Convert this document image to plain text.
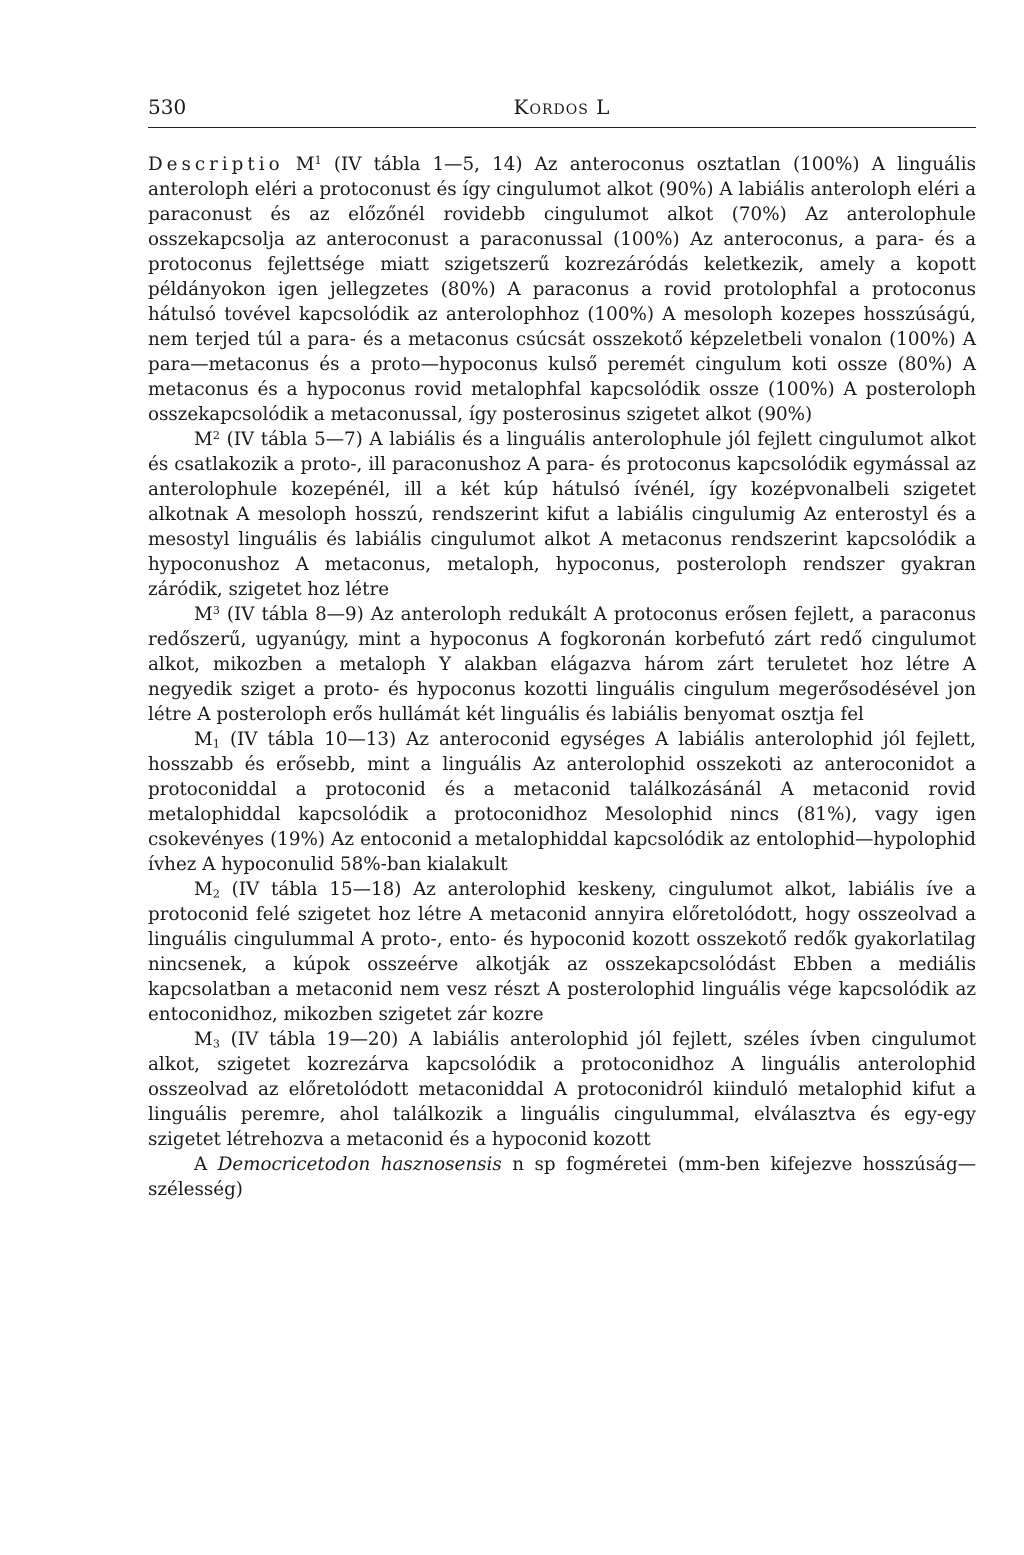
530	Kordos L

Descriptio $M^1$ (IV tábla 1—5, 14) Az anteroconus osztatlan (100%) A linguális anteroloph eléri a protoconust és így cingulumot alkot (90%) A labiális anteroloph eléri a paraconust és az előzőnél rovidebb cingulumot alkot (70%) Az anterolophule osszekapcsolja az anteroconust a paraconussal (100%) Az anteroconus, a para- és a protoconus fejlettsége miatt szigetszerű kozrezáródás keletkezik, amely a kopott példányokon igen jellegzetes (80%) A paraconus a rovid protolophfal a protoconus hátulsó tovével kapcsolódik az anterolophhoz (100%) A mesoloph kozepes hosszúságú, nem terjed túl a para- és a metaconus csúcsát osszekotő képzeletbeli vonalon (100%) A para—metaconus és a proto—hypoconus kulső peremét cingulum koti ossze (80%) A metaconus és a hypoconus rovid metalophfal kapcsolódik ossze (100%) A posteroloph osszekapcsolódik a metaconussal, így posterosinus szigetet alkot (90%)

$M^2$ (IV tábla 5—7) A labiális és a linguális anterolophule jól fejlett cingulumot alkot és csatlakozik a proto-, ill paraconushoz A para- és protoconus kapcsolódik egymással az anterolophule kozepénél, ill a két kúp hátulsó ívénél, így kozépvonalbeli szigetet alkotnak A mesoloph hosszú, rendszerint kifut a labiális cingulumig Az enterostyl és a mesostyl linguális és labiális cingulumot alkot A metaconus rendszerint kapcsolódik a hypoconushoz A metaconus, metaloph, hypoconus, posteroloph rendszer gyakran záródik, szigetet hoz létre

$M^3$ (IV tábla 8—9) Az anteroloph redukált A protoconus erősen fejlett, a paraconus redőszerű, ugyanúgy, mint a hypoconus A fogkoronán korbefutó zárt redő cingulumot alkot, mikozben a metaloph Y alakban elágazva három zárt teruletet hoz létre A negyedik sziget a proto- és hypoconus kozotti linguális cingulum megerősodésével jon létre A posteroloph erős hullámát két linguális és labiális benyomat osztja fel

$M_1$ (IV tábla 10—13) Az anteroconid egységes A labiális anterolophid jól fejlett, hosszabb és erősebb, mint a linguális Az anterolophid osszekoti az anteroconidot a protoconiddal a protoconid és a metaconid találkozásánál A metaconid rovid metalophiddal kapcsolódik a protoconidhoz Mesolophid nincs (81%), vagy igen csokevényes (19%) Az entoconid a metalophiddal kapcsolódik az entolophid—hypolophid ívhez A hypoconulid 58%-ban kialakult

$M_2$ (IV tábla 15—18) Az anterolophid keskeny, cingulumot alkot, labiális íve a protoconid felé szigetet hoz létre A metaconid annyira előretolódott, hogy osszeolvad a linguális cingulummal A proto-, ento- és hypoconid kozott osszekotő redők gyakorlatilag nincsenek, a kúpok osszeérve alkotják az osszekapcsolódást Ebben a mediális kapcsolatban a metaconid nem vesz részt A posterolophid linguális vége kapcsolódik az entoconidhoz, mikozben szigetet zár kozre

$M_3$ (IV tábla 19—20) A labiális anterolophid jól fejlett, széles ívben cingulumot alkot, szigetet kozrezárva kapcsolódik a protoconidhoz A linguális anterolophid osszeolvad az előretolódott metaconiddal A protoconidról kiinduló metalophid kifut a linguális peremre, ahol találkozik a linguális cingulummal, elválasztva és egy-egy szigetet létrehozva a metaconid és a hypoconid kozott

A Democricetodon hasznosensis n sp fogméretei (mm-ben kifejezve hosszúság—szélesség)
